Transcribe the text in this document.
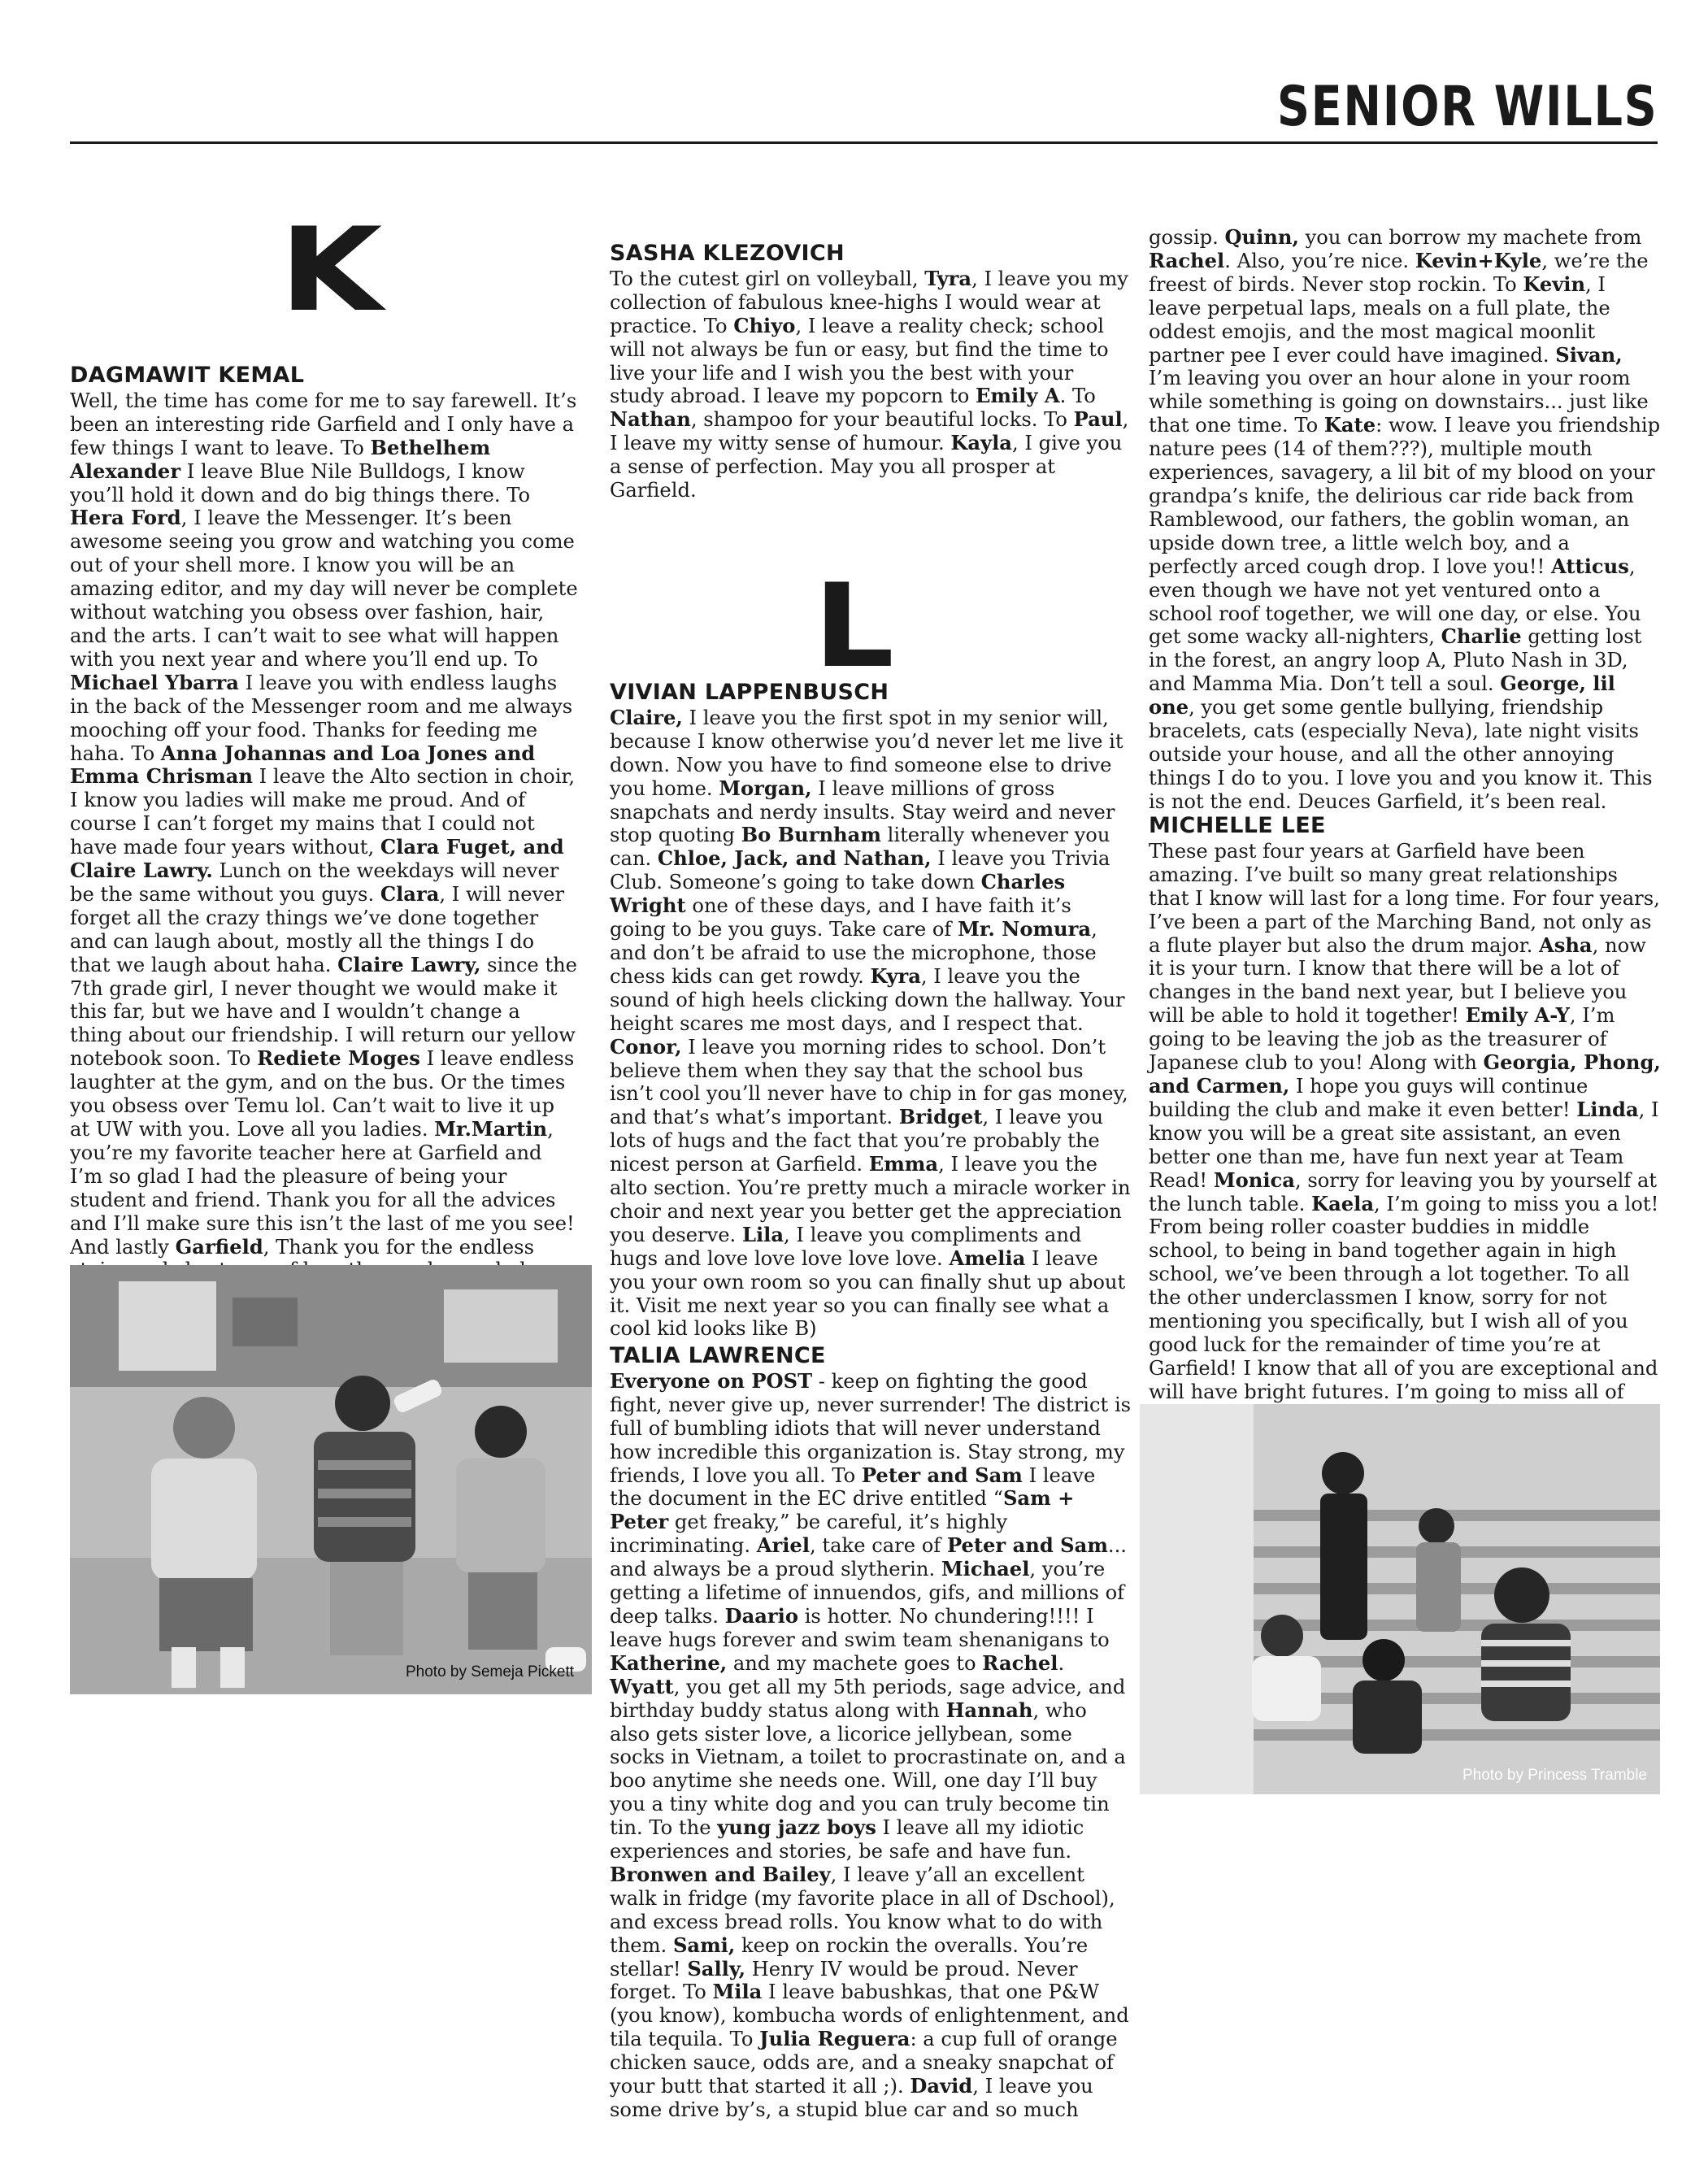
SENIOR WILLS
K
DAGMAWIT KEMAL

Well, the time has come for me to say farewell. It’s been an interesting ride Garfield and I only have a few things I want to leave. To Bethelhem Alexander I leave Blue Nile Bulldogs, I know you’ll hold it down and do big things there. To Hera Ford, I leave the Messenger. It’s been awesome seeing you grow and watching you come out of your shell more. I know you will be an amazing editor, and my day will never be complete without watching you obsess over fashion, hair, and the arts. I can’t wait to see what will happen with you next year and where you’ll end up. To Michael Ybarra I leave you with endless laughs in the back of the Messenger room and me always mooching off your food. Thanks for feeding me haha. To Anna Johannas and Loa Jones and Emma Chrisman I leave the Alto section in choir, I know you ladies will make me proud. And of course I can’t forget my mains that I could not have made four years without, Clara Fuget, and Claire Lawry. Lunch on the weekdays will never be the same without you guys. Clara, I will never forget all the crazy things we’ve done together and can laugh about, mostly all the things I do that we laugh about haha. Claire Lawry, since the 7th grade girl, I never thought we would make it this far, but we have and I wouldn’t change a thing about our friendship. I will return our yellow notebook soon. To Rediete Moges I leave endless laughter at the gym, and on the bus. Or the times you obsess over Temu lol. Can’t wait to live it up at UW with you. Love all you ladies. Mr.Martin, you’re my favorite teacher here at Garfield and I’m so glad I had the pleasure of being your student and friend. Thank you for all the advices and I’ll make sure this isn’t the last of me you see! And lastly Garfield, Thank you for the endless

Photo by Semeja Pickett
SASHA KLEZOVICH

To the cutest girl on volleyball, Tyra, I leave you my collection of fabulous knee-highs I would wear at practice. To Chiyo, I leave a reality check; school will not always be fun or easy, but find the time to live your life and I wish you the best with your study abroad. I leave my popcorn to Emily A. To Nathan, shampoo for your beautiful locks. To Paul, I leave my witty sense of humour. Kayla, I give you a sense of perfection. May you all prosper at Garfield.

L
VIVIAN LAPPENBUSCH

Claire, I leave you the first spot in my senior will, because I know otherwise you’d never let me live it down. Now you have to find someone else to drive you home. Morgan, I leave millions of gross snapchats and nerdy insults. Stay weird and never stop quoting Bo Burnham literally whenever you can. Chloe, Jack, and Nathan, I leave you Trivia Club. Someone’s going to take down Charles Wright one of these days, and I have faith it’s going to be you guys. Take care of Mr. Nomura, and don’t be afraid to use the microphone, those chess kids can get rowdy. Kyra, I leave you the sound of high heels clicking down the hallway. Your height scares me most days, and I respect that. Conor, I leave you morning rides to school. Don’t believe them when they say that the school bus isn’t cool you’ll never have to chip in for gas money, and that’s what’s important. Bridget, I leave you lots of hugs and the fact that you’re probably the nicest person at Garfield. Emma, I leave you the alto section. You’re pretty much a miracle worker in choir and next year you better get the appreciation you deserve. Lila, I leave you compliments and hugs and love love love love love. Amelia I leave you your own room so you can finally shut up about it. Visit me next year so you can finally see what a cool kid looks like B)

TALIA LAWRENCE

Everyone on POST - keep on fighting the good fight, never give up, never surrender! The district is full of bumbling idiots that will never understand how incredible this organization is. Stay strong, my friends, I love you all. To Peter and Sam I leave the document in the EC drive entitled “Sam + Peter get freaky,” be careful, it’s highly incriminating. Ariel, take care of Peter and Sam... and always be a proud slytherin. Michael, you’re getting a lifetime of innuendos, gifs, and millions of deep talks. Daario is hotter. No chundering!!!! I leave hugs forever and swim team shenanigans to Katherine, and my machete goes to Rachel. Wyatt, you get all my 5th periods, sage advice, and birthday buddy status along with Hannah, who also gets sister love, a licorice jellybean, some socks in Vietnam, a toilet to procrastinate on, and a boo anytime she needs one. Will, one day I’ll buy you a tiny white dog and you can truly become tin tin. To the yung jazz boys I leave all my idiotic experiences and stories, be safe and have fun. Bronwen and Bailey, I leave y’all an excellent walk in fridge (my favorite place in all of Dschool), and excess bread rolls. You know what to do with them. Sami, keep on rockin the overalls. You’re stellar! Sally, Henry IV would be proud. Never forget. To Mila I leave babushkas, that one P&W (you know), kombucha words of enlightenment, and tila tequila. To Julia Reguera: a cup full of orange chicken sauce, odds are, and a sneaky snapchat of your butt that started it all ;). David, I leave you some drive by’s, a stupid blue car and so much

gossip. Quinn, you can borrow my machete from Rachel. Also, you’re nice. Kevin+Kyle, we’re the freest of birds. Never stop rockin. To Kevin, I leave perpetual laps, meals on a full plate, the oddest emojis, and the most magical moonlit partner pee I ever could have imagined. Sivan, I’m leaving you over an hour alone in your room while something is going on downstairs... just like that one time. To Kate: wow. I leave you friendship nature pees (14 of them???), multiple mouth experiences, savagery, a lil bit of my blood on your grandpa’s knife, the delirious car ride back from Ramblewood, our fathers, the goblin woman, an upside down tree, a little welch boy, and a perfectly arced cough drop. I love you!! Atticus, even though we have not yet ventured onto a school roof together, we will one day, or else. You get some wacky all-nighters, Charlie getting lost in the forest, an angry loop A, Pluto Nash in 3D, and Mamma Mia. Don’t tell a soul. George, lil one, you get some gentle bullying, friendship bracelets, cats (especially Neva), late night visits outside your house, and all the other annoying things I do to you. I love you and you know it. This is not the end. Deuces Garfield, it’s been real.

MICHELLE LEE

These past four years at Garfield have been amazing. I’ve built so many great relationships that I know will last for a long time. For four years, I’ve been a part of the Marching Band, not only as a flute player but also the drum major. Asha, now it is your turn. I know that there will be a lot of changes in the band next year, but I believe you will be able to hold it together! Emily A-Y, I’m going to be leaving the job as the treasurer of Japanese club to you! Along with Georgia, Phong, and Carmen, I hope you guys will continue building the club and make it even better! Linda, I know you will be a great site assistant, an even better one than me, have fun next year at Team Read! Monica, sorry for leaving you by yourself at the lunch table. Kaela, I’m going to miss you a lot! From being roller coaster buddies in middle school, to being in band together again in high school, we’ve been through a lot together. To all the other underclassmen I know, sorry for not mentioning you specifically, but I wish all of you good luck for the remainder of time you’re at Garfield! I know that all of you are exceptional and will have bright futures. I’m going to miss all of

Photo by Princess Tramble
